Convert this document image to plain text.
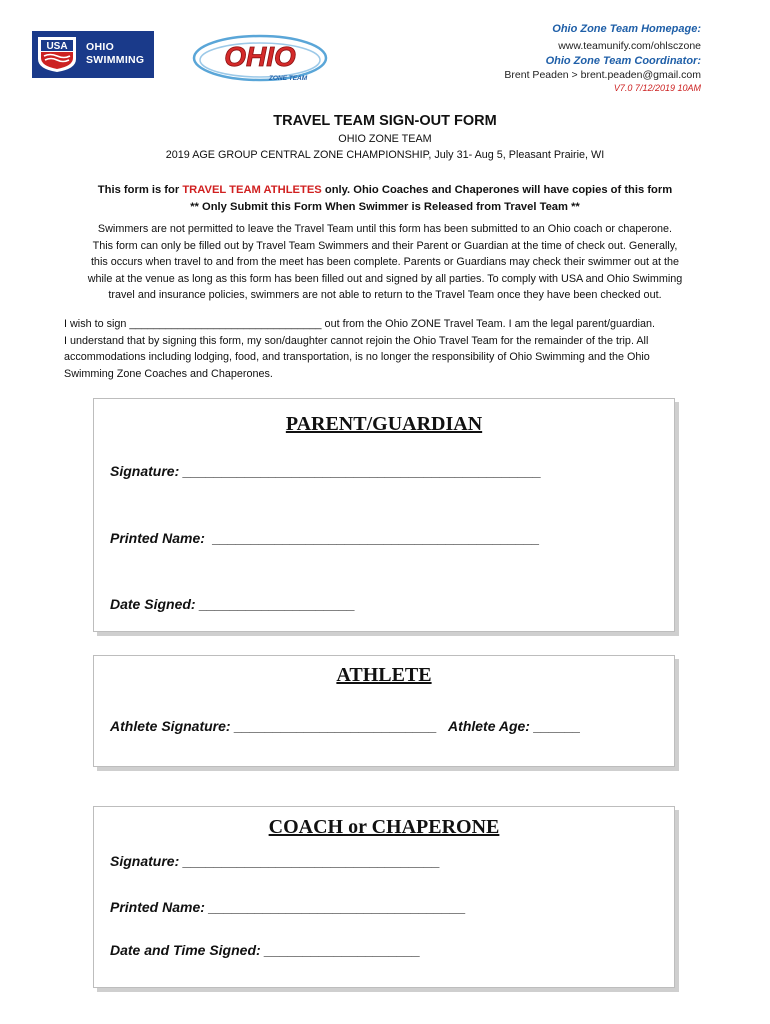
USA OHIO
SWIMMING	OHIO
ZONE TEAM
Ohio Zone Team Homepage:
www.teamunify.com/ohlsczone
Ohio Zone Team Coordinator:
Brent Peaden > brent.peaden@gmail.com
V7.0 7/12/2019 10AM
TRAVEL TEAM SIGN-OUT FORM
OHIO ZONE TEAM
2019 AGE GROUP CENTRAL ZONE CHAMPIONSHIP, July 31- Aug 5, Pleasant Prairie, WI
This form is for TRAVEL TEAM ATHLETES only. Ohio Coaches and Chaperones will have copies of this form
** Only Submit this Form When Swimmer is Released from Travel Team **
Swimmers are not permitted to leave the Travel Team until this form has been submitted to an Ohio coach or chaperone.
This form can only be filled out by Travel Team Swimmers and their Parent or Guardian at the time of check out. Generally,
this occurs when travel to and from the meet has been complete. Parents or Guardians may check their swimmer out at the
while at the venue as long as this form has been filled out and signed by all parties. To comply with USA and Ohio Swimming
travel and insurance policies, swimmers are not able to return to the Travel Team once they have been checked out.
I wish to sign ________________________________ out from the Ohio ZONE Travel Team. I am the legal parent/guardian.
I understand that by signing this form, my son/daughter cannot rejoin the Ohio Travel Team for the remainder of the trip. All
accommodations including lodging, food, and transportation, is no longer the responsibility of Ohio Swimming and the Ohio
Swimming Zone Coaches and Chaperones.
PARENT/GUARDIAN
Signature: ______________________________________________
Printed Name:  __________________________________________
Date Signed: ____________________
ATHLETE
Athlete Signature: __________________________   Athlete Age: ______
COACH or CHAPERONE
Signature: _________________________________
Printed Name: _________________________________
Date and Time Signed: ____________________
